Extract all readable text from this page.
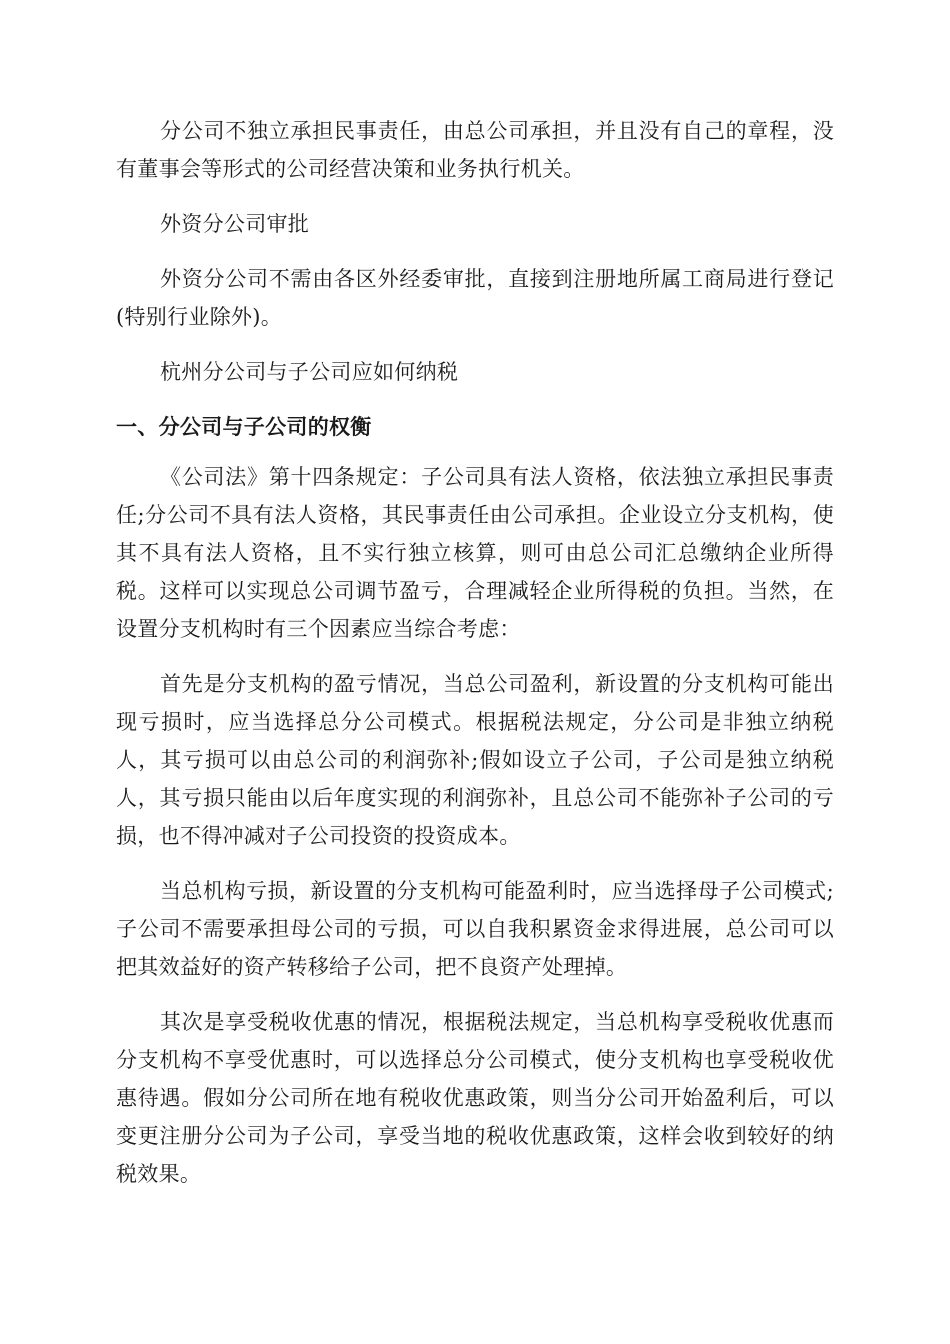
分公司不独立承担民事责任，由总公司承担，并且没有自己的章程，没有董事会等形式的公司经营决策和业务执行机关。

外资分公司审批

外资分公司不需由各区外经委审批，直接到注册地所属工商局进行登记(特别行业除外)。

杭州分公司与子公司应如何纳税

一、分公司与子公司的权衡

《公司法》第十四条规定：子公司具有法人资格，依法独立承担民事责任;分公司不具有法人资格，其民事责任由公司承担。企业设立分支机构，使其不具有法人资格，且不实行独立核算，则可由总公司汇总缴纳企业所得税。这样可以实现总公司调节盈亏，合理减轻企业所得税的负担。当然，在设置分支机构时有三个因素应当综合考虑：

首先是分支机构的盈亏情况，当总公司盈利，新设置的分支机构可能出现亏损时，应当选择总分公司模式。根据税法规定，分公司是非独立纳税人，其亏损可以由总公司的利润弥补;假如设立子公司，子公司是独立纳税人，其亏损只能由以后年度实现的利润弥补，且总公司不能弥补子公司的亏损，也不得冲减对子公司投资的投资成本。

当总机构亏损，新设置的分支机构可能盈利时，应当选择母子公司模式;子公司不需要承担母公司的亏损，可以自我积累资金求得进展，总公司可以把其效益好的资产转移给子公司，把不良资产处理掉。

其次是享受税收优惠的情况，根据税法规定，当总机构享受税收优惠而分支机构不享受优惠时，可以选择总分公司模式，使分支机构也享受税收优惠待遇。假如分公司所在地有税收优惠政策，则当分公司开始盈利后，可以变更注册分公司为子公司，享受当地的税收优惠政策，这样会收到较好的纳税效果。
